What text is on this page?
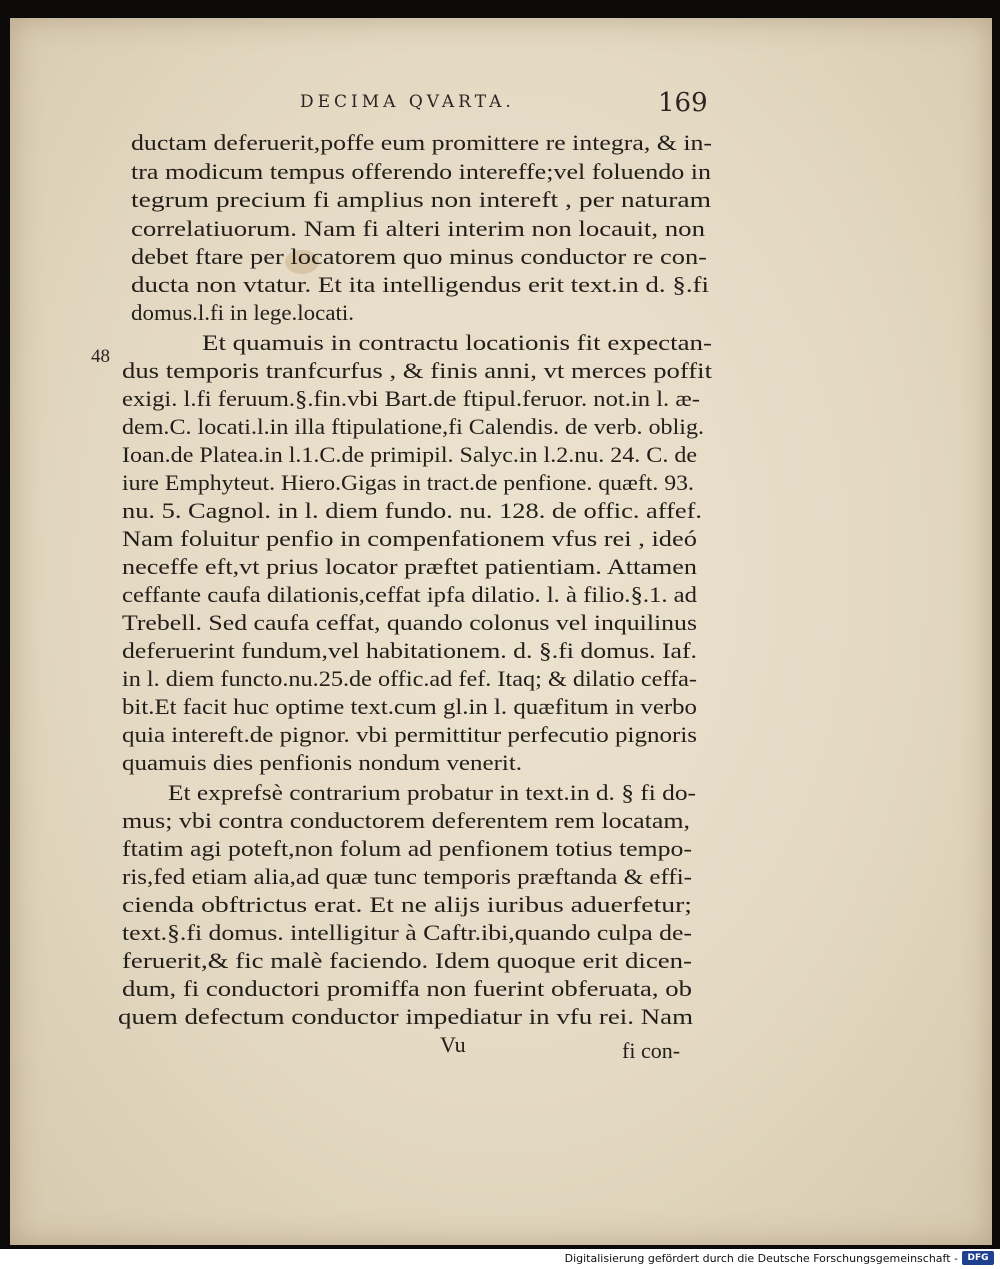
DECIMA QVARTA.	169
48
ductam deferuerit,poffe eum promittere re integra, & in-
tra modicum tempus offerendo intereffe;vel foluendo in
tegrum precium fi amplius non intereft , per naturam
correlatiuorum. Nam fi alteri interim non locauit, non
debet ftare per locatorem quo minus conductor re con-
ducta non vtatur. Et ita intelligendus erit text.in d. §.fi
domus.l.fi in lege.locati.
Et quamuis in contractu locationis fit expectan-
dus temporis tranfcurfus , & finis anni, vt merces poffit
exigi. l.fi feruum.§.fin.vbi Bart.de ftipul.feruor. not.in l. æ-
dem.C. locati.l.in illa ftipulatione,fi Calendis. de verb. oblig.
Ioan.de Platea.in l.1.C.de primipil. Salyc.in l.2.nu. 24. C. de
iure Emphyteut. Hiero.Gigas in tract.de penfione. quæft. 93.
nu. 5. Cagnol. in l. diem fundo. nu. 128. de offic. affef.
Nam foluitur penfio in compenfationem vfus rei , ideó
neceffe eft,vt prius locator præftet patientiam. Attamen
ceffante caufa dilationis,ceffat ipfa dilatio. l. à filio.§.1. ad
Trebell. Sed caufa ceffat, quando colonus vel inquilinus
deferuerint fundum,vel habitationem. d. §.fi domus. Iaf.
in l. diem functo.nu.25.de offic.ad fef. Itaq; & dilatio ceffa-
bit.Et facit huc optime text.cum gl.in l. quæfitum in verbo
quia intereft.de pignor. vbi permittitur perfecutio pignoris
quamuis dies penfionis nondum venerit.
Et exprefsè contrarium probatur in text.in d. § fi do-
mus; vbi contra conductorem deferentem rem locatam,
ftatim agi poteft,non folum ad penfionem totius tempo-
ris,fed etiam alia,ad quæ tunc temporis præftanda & effi-
cienda obftrictus erat. Et ne alijs iuribus aduerfetur;
text.§.fi domus. intelligitur à Caftr.ibi,quando culpa de-
feruerit,& fic malè faciendo. Idem quoque erit dicen-
dum, fi conductori promiffa non fuerint obferuata, ob
quem defectum conductor impediatur in vfu rei. Nam
Vu	fi con-
Digitalisierung gefördert durch die Deutsche Forschungsgemeinschaft -	DFG
